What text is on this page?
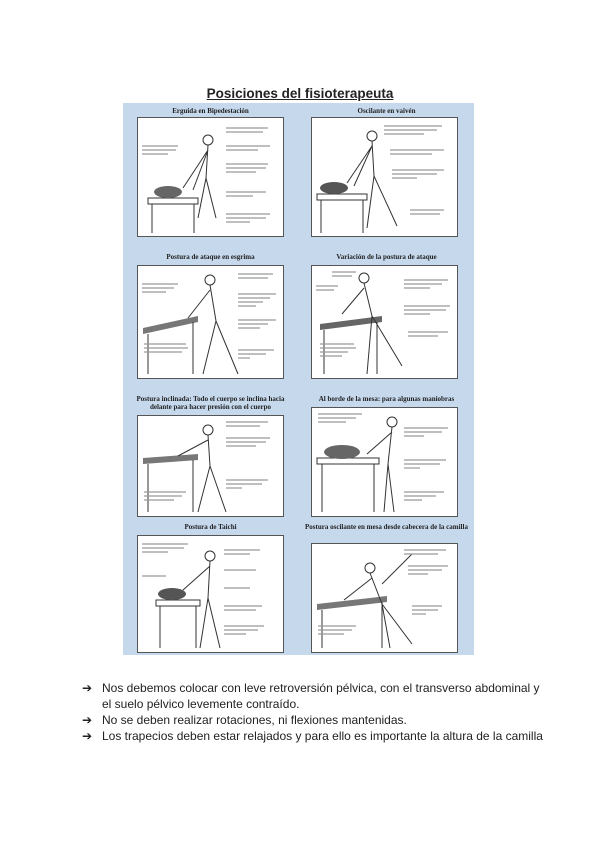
Posiciones del fisioterapeuta
Erguida en Bipedestación	Oscilante en vaivén
Postura de ataque en esgrima	Variación de la postura de ataque
Postura inclinada: Todo el cuerpo se inclina hacia delante para hacer presión con el cuerpo
Al borde de la mesa: para algunas maniobras
Postura de Taichi	Postura oscilante en mesa desde cabecera de la camilla
➔ Nos debemos colocar con leve retroversión pélvica, con el transverso abdominal y el suelo pélvico levemente contraído.
➔ No se deben realizar rotaciones, ni flexiones mantenidas.
➔ Los trapecios deben estar relajados y para ello es importante la altura de la camilla
